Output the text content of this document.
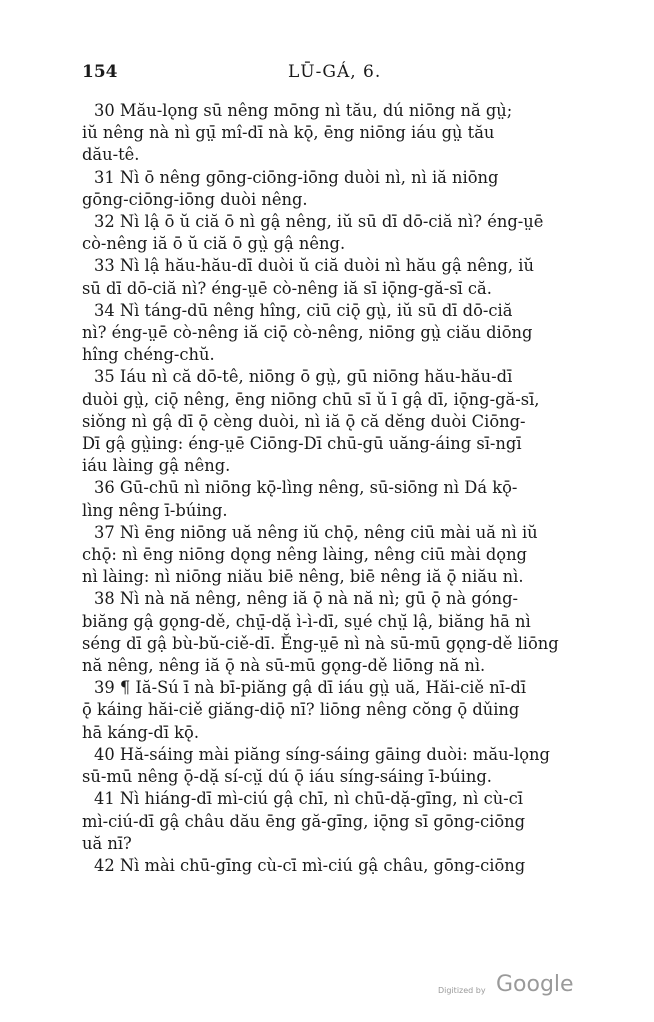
154	LŪ-GÁ, 6.

30 Mău-lǫng sū nêng mōng nì tău, dú niōng nă gṳ̀;
iŭ nêng nà nì gṳ̄ mî-dī nà kǭ, ēng niōng iáu gṳ̀ tău
dău-tê.

31 Nì ō nêng gōng-ciōng-iōng duòi nì, nì iă niōng
gōng-ciōng-iōng duòi nêng.

32 Nì lậ ō ŭ ciă ō nì gậ nêng, iŭ sū dī dō-ciă nì? éng-ṳē
cò-nêng iă ō ŭ ciă ō gṳ̀ gậ nêng.

33 Nì lậ hău-hău-dī duòi ŭ ciă duòi nì hău gậ nêng, iŭ
sū dī dō-ciă nì? éng-ṳē cò-nêng iă sī iǭng-gă-sī că.

34 Nì táng-dū nêng hîng, ciū ciǭ gṳ̀, iŭ sū dī dō-ciă
nì? éng-ṳē cò-nêng iă ciǭ cò-nêng, niōng gṳ̀ ciău diōng
hîng chéng-chŭ.

35 Iáu nì că dō-tê, niōng ō gṳ̀, gū niōng hău-hău-dī
duòi gṳ̀, ciǭ nêng, ēng niōng chū sī ŭ ī gậ dī, iǭng-gă-sī,
siǒng nì gậ dī ǭ cèng duòi, nì iă ǭ că dĕng duòi Ciōng-
Dī gậ gṳ̀ing: éng-ṳē Ciōng-Dī chū-gū uăng-áing sī-ngī
iáu làing gậ nêng.

36 Gū-chū nì niōng kǭ-lìng nêng, sū-siōng nì Dá kǭ-
lìng nêng ī-búing.

37 Nì ēng niōng uă nêng iŭ chǭ, nêng ciū mài uă nì iŭ
chǭ: nì ēng niōng dǫng nêng làing, nêng ciū mài dǫng
nì làing: nì niōng niău biē nêng, biē nêng iă ǭ niău nì.

38 Nì nà nă nêng, nêng iă ǭ nà nă nì; gū ǭ nà góng-
biăng gậ gǫng-dě, chṳ̄-dặ ì-ì-dī, sṳé chṳ̆ lậ, biăng hā nì
séng dī gậ bù-bŭ-ciě-dī. Ĕng-ṳē nì nà sū-mū gǫng-dě liōng
nă nêng, nêng iă ǭ nà sū-mū gǫng-dě liōng nă nì.

39 ¶ Iă-Sú ī nà bī-piăng gậ dī iáu gṳ̀ uă, Hăi-ciě nī-dī
ǭ káing hăi-ciě giăng-diǭ nī? liōng nêng cŏng ǭ dǔing
hā káng-dī kǭ.

40 Hă-sáing mài piăng síng-sáing gāing duòi: mău-lǫng
sū-mū nêng ǭ-dặ sí-cṳ̆ dú ǭ iáu síng-sáing ī-búing.

41 Nì hiáng-dī mì-ciú gậ chī, nì chū-dặ-gīng, nì cù-cī
mì-ciú-dī gậ châu dău ēng gă-gīng, iǭng sī gōng-ciōng
uă nī?

42 Nì mài chū-gīng cù-cī mì-ciú gậ châu, gōng-ciōng

Digitized by Google
